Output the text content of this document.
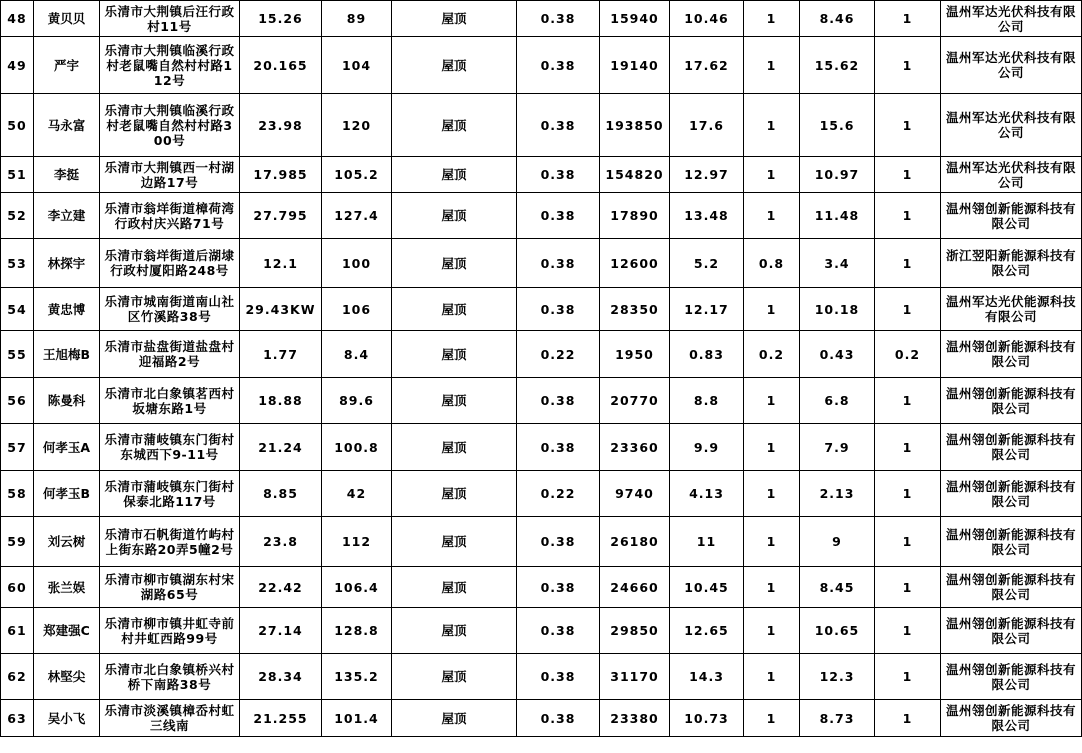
48	黄贝贝	乐清市大荆镇后汪行政村11号	15.26	89	屋顶	0.38	15940	10.46	1	8.46	1	温州军达光伏科技有限公司
49	严宇	乐清市大荆镇临溪行政村老鼠嘴自然村村路112号	20.165	104	屋顶	0.38	19140	17.62	1	15.62	1	温州军达光伏科技有限公司
50	马永富	乐清市大荆镇临溪行政村老鼠嘴自然村村路300号	23.98	120	屋顶	0.38	193850	17.6	1	15.6	1	温州军达光伏科技有限公司
51	李挺	乐清市大荆镇西一村湖边路17号	17.985	105.2	屋顶	0.38	154820	12.97	1	10.97	1	温州军达光伏科技有限公司
52	李立建	乐清市翁垟街道樟荷湾行政村庆兴路71号	27.795	127.4	屋顶	0.38	17890	13.48	1	11.48	1	温州翎创新能源科技有限公司
53	林探宇	乐清市翁垟街道后湖埭行政村厦阳路248号	12.1	100	屋顶	0.38	12600	5.2	0.8	3.4	1	浙江翌阳新能源科技有限公司
54	黄忠博	乐清市城南街道南山社区竹溪路38号	29.43KW	106	屋顶	0.38	28350	12.17	1	10.18	1	温州军达光伏能源科技有限公司
55	王旭梅B	乐清市盐盘街道盐盘村迎福路2号	1.77	8.4	屋顶	0.22	1950	0.83	0.2	0.43	0.2	温州翎创新能源科技有限公司
56	陈曼科	乐清市北白象镇茗西村坂塘东路1号	18.88	89.6	屋顶	0.38	20770	8.8	1	6.8	1	温州翎创新能源科技有限公司
57	何孝玉A	乐清市蒲岐镇东门街村东城西下9-11号	21.24	100.8	屋顶	0.38	23360	9.9	1	7.9	1	温州翎创新能源科技有限公司
58	何孝玉B	乐清市蒲岐镇东门街村保泰北路117号	8.85	42	屋顶	0.22	9740	4.13	1	2.13	1	温州翎创新能源科技有限公司
59	刘云树	乐清市石帆街道竹屿村上街东路20弄5幢2号	23.8	112	屋顶	0.38	26180	11	1	9	1	温州翎创新能源科技有限公司
60	张兰娱	乐清市柳市镇湖东村宋湖路65号	22.42	106.4	屋顶	0.38	24660	10.45	1	8.45	1	温州翎创新能源科技有限公司
61	郑建强C	乐清市柳市镇井虹寺前村井虹西路99号	27.14	128.8	屋顶	0.38	29850	12.65	1	10.65	1	温州翎创新能源科技有限公司
62	林堅尖	乐清市北白象镇桥兴村桥下南路38号	28.34	135.2	屋顶	0.38	31170	14.3	1	12.3	1	温州翎创新能源科技有限公司
63	吴小飞	乐清市淡溪镇樟岙村虹三线南	21.255	101.4	屋顶	0.38	23380	10.73	1	8.73	1	温州翎创新能源科技有限公司
